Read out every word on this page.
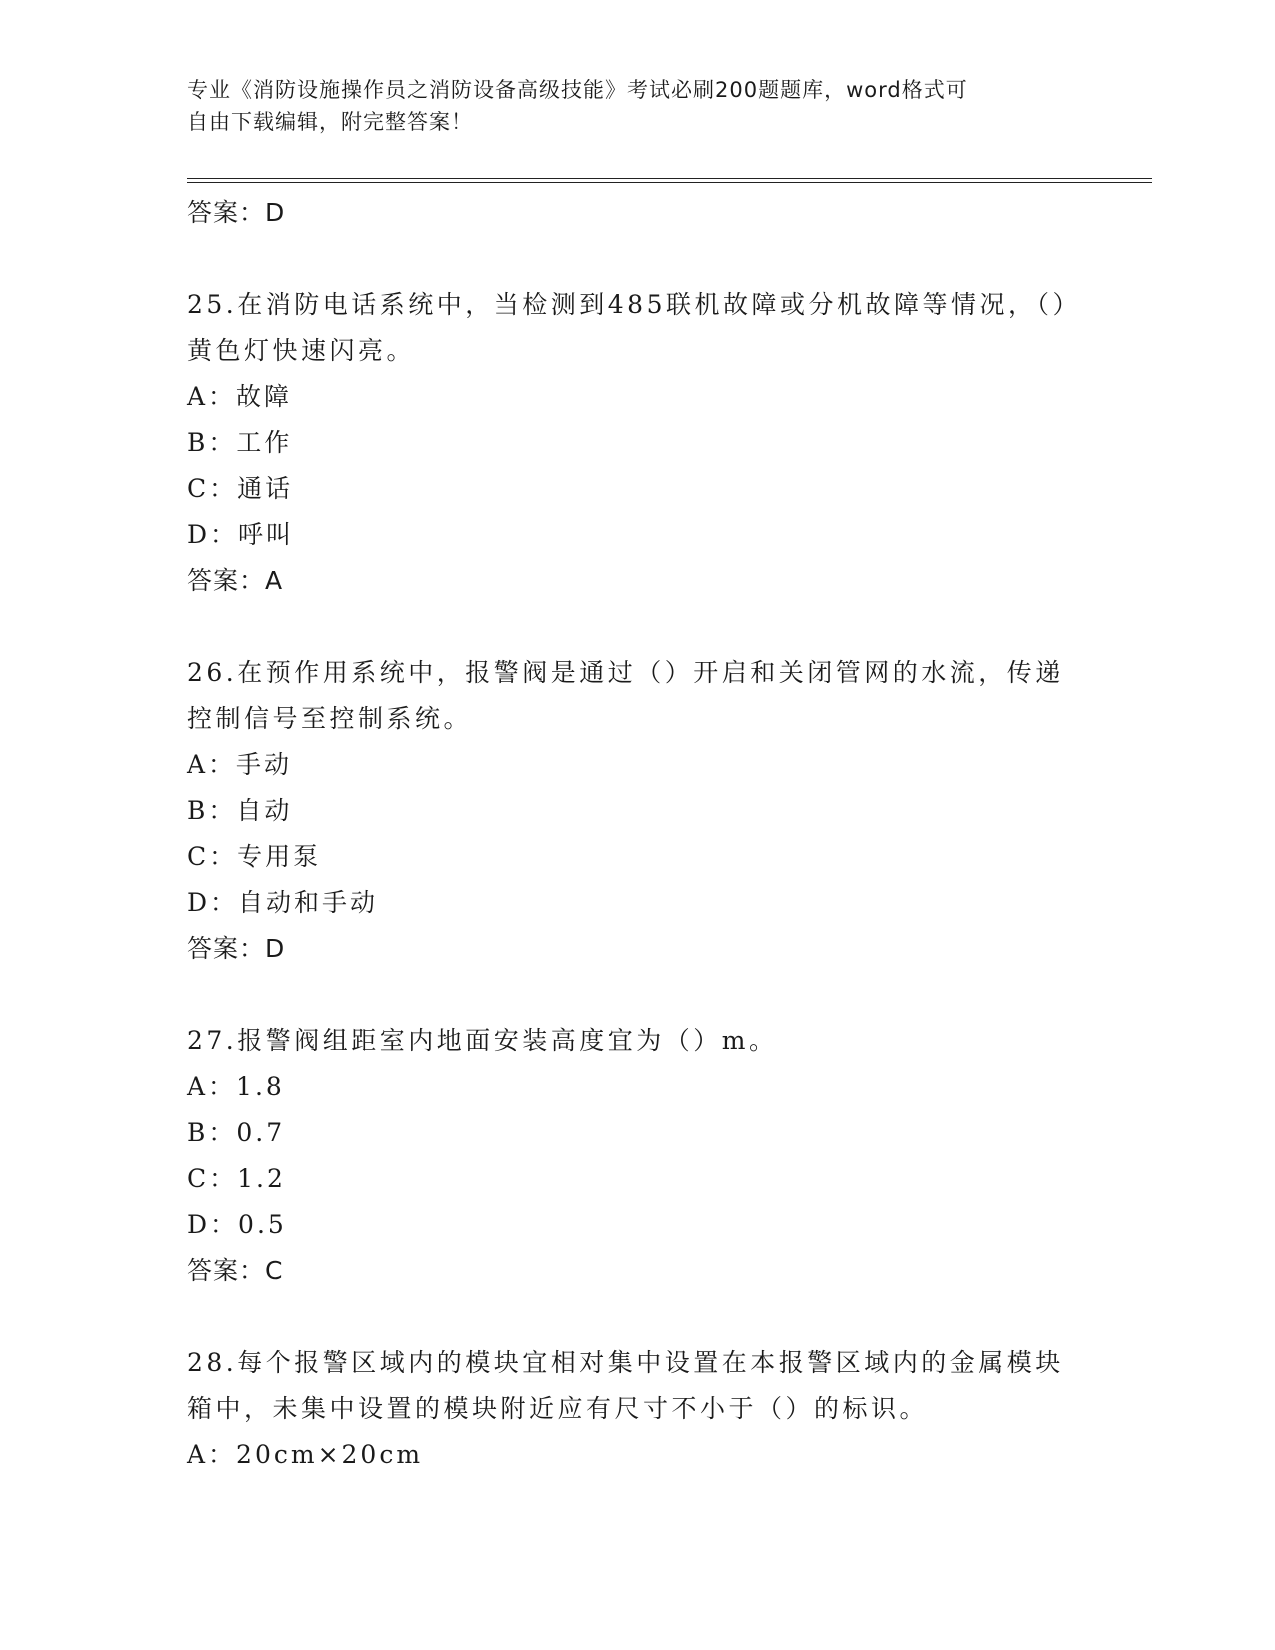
专业《消防设施操作员之消防设备高级技能》考试必刷200题题库，word格式可
自由下载编辑，附完整答案！
答案：D
25.在消防电话系统中，当检测到485联机故障或分机故障等情况，（）黄色灯快速闪亮。
A：故障
B：工作
C：通话
D：呼叫
答案：A
26.在预作用系统中，报警阀是通过（）开启和关闭管网的水流，传递控制信号至控制系统。
A：手动
B：自动
C：专用泵
D：自动和手动
答案：D
27.报警阀组距室内地面安装高度宜为（）m。
A：1.8
B：0.7
C：1.2
D：0.5
答案：C
28.每个报警区域内的模块宜相对集中设置在本报警区域内的金属模块箱中，未集中设置的模块附近应有尺寸不小于（）的标识。
A：20cm×20cm
